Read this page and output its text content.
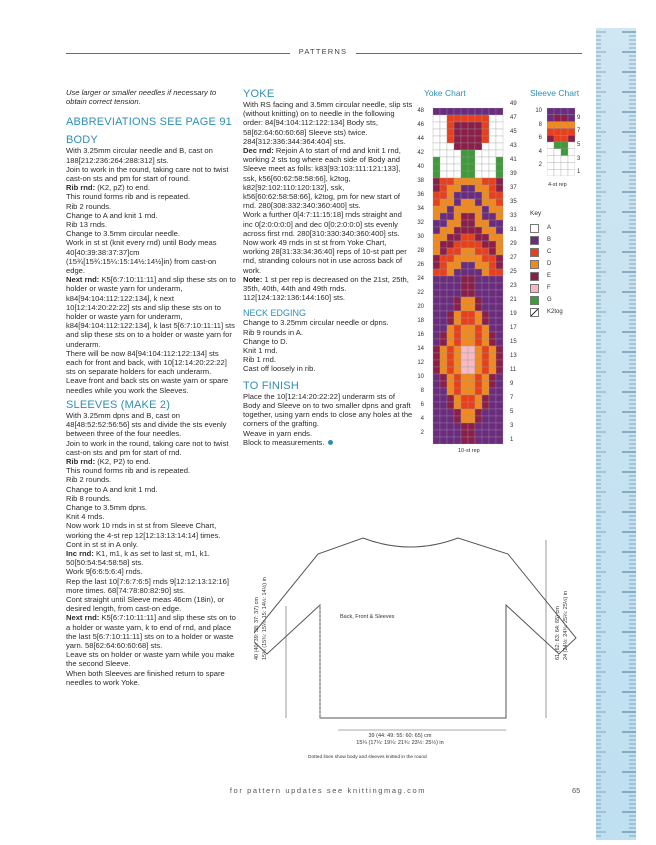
PATTERNS

Use larger or smaller needles if necessary to obtain correct tension.

ABBREVIATIONS SEE PAGE 91

BODY

With 3.25mm circular needle and B, cast on 188[212:236:264:288:312] sts.

Join to work in the round, taking care not to twist cast-on sts and pm for start of round.

Rib rnd: (K2, pZ) to end.

This round forms rib and is repeated.

Rib 2 rounds.

Change to A and knit 1 rnd.

Rib 13 rnds.

Change to 3.5mm circular needle.

Work in st st (knit every rnd) until Body meas 40[40:39:38:37:37]cm (15¾[15¾:15¼:15:14½:14½]in) from cast-on edge.

Next rnd: K5[6:7:10:11:11] and slip these sts on to holder or waste yarn for underarm, k84[94:104:112:122:134], k next 10[12:14:20:22:22] sts and slip these sts on to holder or waste yarn for underarm, k84[94:104:112:122:134], k last 5[6:7:10:11:11] sts and slip these sts on to a holder or waste yarn for underarm.

There will be now 84[94:104:112:122:134] sts each for front and back, with 10[12:14:20:22:22] sts on separate holders for each underarm.

Leave front and back sts on waste yarn or spare needles while you work the Sleeves.

SLEEVES (MAKE 2)

With 3.25mm dpns and B, cast on 48[48:52:52:56:56] sts and divide the sts evenly between three of the four needles.

Join to work in the round, taking care not to twist cast-on sts and pm for start of rnd.

Rib rnd: (K2, P2) to end.

This round forms rib and is repeated.

Rib 2 rounds.

Change to A and knit 1 rnd.

Rib 8 rounds.

Change to 3.5mm dpns.

Knit 4 rnds.

Now work 10 rnds in st st from Sleeve Chart, working the 4-st rep 12[12:13:13:14:14] times.

Cont in st st in A only.

Inc rnd: K1, m1, k as set to last st, m1, k1. 50[50:54:54:58:58] sts.

Work 9[6:6:5:6:4] rnds.

Rep the last 10[7:6:7:6:5] rnds 9[12:12:13:12:16] more times. 68[74:78:80:82:90] sts.

Cont straight until Sleeve meas 46cm (18in), or desired length, from cast-on edge.

Next rnd: K5[6:7:10:11:11] and slip these sts on to a holder or waste yarn, k to end of rnd, and place the last 5[6:7:10:11:11] sts on to a holder or waste yarn. 58[62:64:60:60:68] sts.

Leave sts on holder or waste yarn while you make the second Sleeve.

When both Sleeves are finished return to spare needles to work Yoke.

YOKE

With RS facing and 3.5mm circular needle, slip sts (without knitting) on to needle in the following order: 84[94:104:112:122:134] Body sts, 58[62:64:60:60:68] Sleeve sts) twice. 284[312:336:344:364:404] sts.

Dec rnd: Rejoin A to start of rnd and knit 1 rnd, working 2 sts tog where each side of Body and Sleeve meet as folls: k83[93:103:111:121:133], ssk, k56[60:62:58:58:66], k2tog, k82[92:102:110:120:132], ssk, k56[60:62:58:58:66], k2tog, pm for new start of rnd. 280[308:332:340:360:400] sts.

Work a further 0[4:7:11:15:18] rnds straight and inc 0[2:0:0:0:0] and dec 0[0:2:0:0:0] sts evenly across first rnd. 280[310:330:340:360:400] sts.

Now work 49 rnds in st st from Yoke Chart, working 28[31:33:34:36:40] reps of 10-st patt per rnd, stranding colours not in use across back of work.

Note: 1 st per rep is decreased on the 21st, 25th, 35th, 40th, 44th and 49th rnds. 112[124:132:136:144:160] sts.

NECK EDGING

Change to 3.25mm circular needle or dpns.

Rib 9 rounds in A.

Change to D.

Knit 1 rnd.

Rib 1 rnd.

Cast off loosely in rib.

TO FINISH

Place the 10[12:14:20:22:22] underarm sts of Body and Sleeve on to two smaller dpns and graft together, using yarn ends to close any holes at the corners of the grafting.

Weave in yarn ends.

Block to measurements.

Yoke Chart
48
46
44
42
40
38
36
34
32
30
28
26
24
22
20
18
16
14
12
10
8
6
4
2
49
47
45
43
41
39
37
35
33
31
29
27
25
23
21
19
17
15
13
11
9
7
5
3
1
10-st rep
Sleeve Chart
10
8
6
4
2
9
7
5
3
1
4-st rep
Key
A
B
C
D
E
F
G
K2tog
Back, Front & Sleeves
39 (44: 49: 55: 60: 65) cm
15¼ (17¼: 19¼: 21¾: 23½: 25½) in
40 (40: 39: 38: 37: 37) cm 15¾ (15¾: 15¼: 15: 14½: 14½) in	61 (62: 63: 64: 65) cm 24 (24½: 24¾: 25¼: 25½) in
Dotted lines show body and sleeves knitted in the round
for pattern updates see knittingmag.com	65
